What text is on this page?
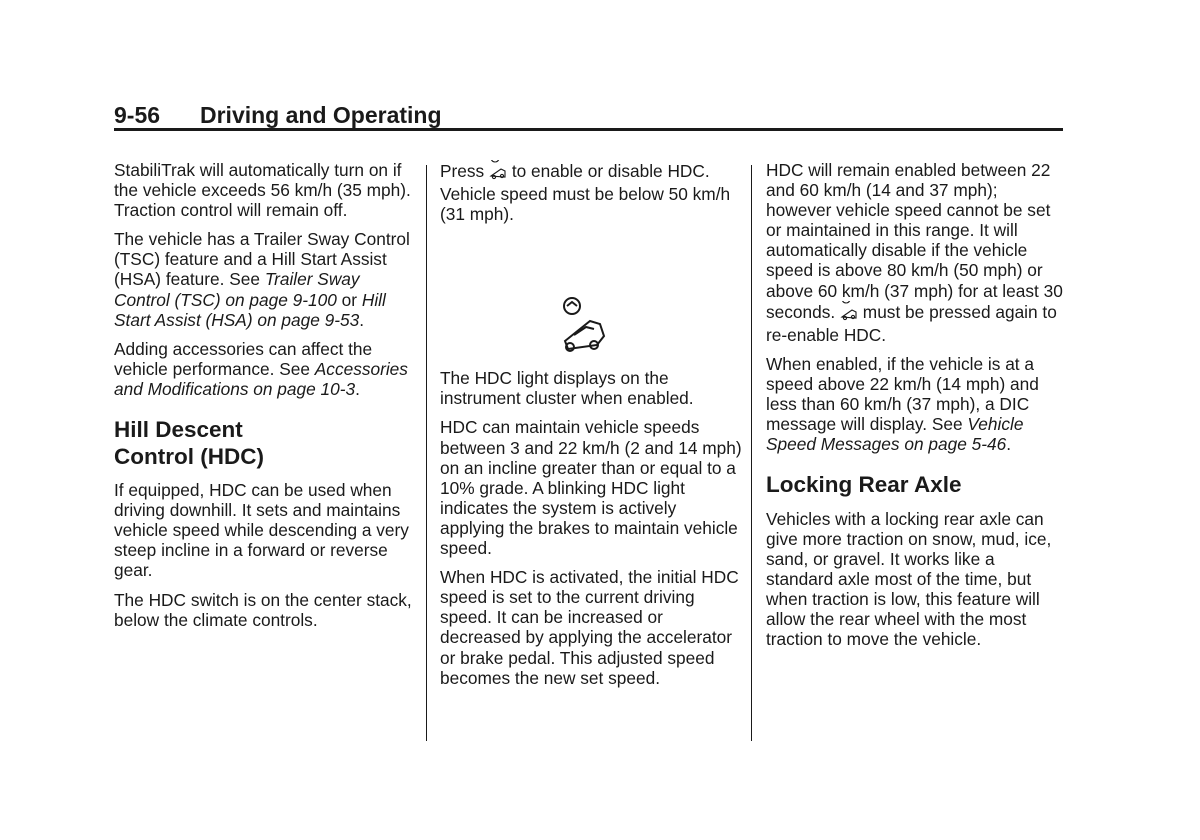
9-56 Driving and Operating

StabiliTrak will automatically turn on if the vehicle exceeds 56 km/h (35 mph). Traction control will remain off.

The vehicle has a Trailer Sway Control (TSC) feature and a Hill Start Assist (HSA) feature. See Trailer Sway Control (TSC) on page 9-100 or Hill Start Assist (HSA) on page 9-53.

Adding accessories can affect the vehicle performance. See Accessories and Modifications on page 10-3.

Hill Descent
Control (HDC)

If equipped, HDC can be used when driving downhill. It sets and maintains vehicle speed while descending a very steep incline in a forward or reverse gear.

The HDC switch is on the center stack, below the climate controls.

Press to enable or disable HDC. Vehicle speed must be below 50 km/h (31 mph).

The HDC light displays on the instrument cluster when enabled.

HDC can maintain vehicle speeds between 3 and 22 km/h (2 and 14 mph) on an incline greater than or equal to a 10% grade. A blinking HDC light indicates the system is actively applying the brakes to maintain vehicle speed.

When HDC is activated, the initial HDC speed is set to the current driving speed. It can be increased or decreased by applying the accelerator or brake pedal. This adjusted speed becomes the new set speed.

HDC will remain enabled between 22 and 60 km/h (14 and 37 mph); however vehicle speed cannot be set or maintained in this range. It will automatically disable if the vehicle speed is above 80 km/h (50 mph) or above 60 km/h (37 mph) for at least 30 seconds. must be pressed again to re-enable HDC.

When enabled, if the vehicle is at a speed above 22 km/h (14 mph) and less than 60 km/h (37 mph), a DIC message will display. See Vehicle Speed Messages on page 5-46.

Locking Rear Axle

Vehicles with a locking rear axle can give more traction on snow, mud, ice, sand, or gravel. It works like a standard axle most of the time, but when traction is low, this feature will allow the rear wheel with the most traction to move the vehicle.
